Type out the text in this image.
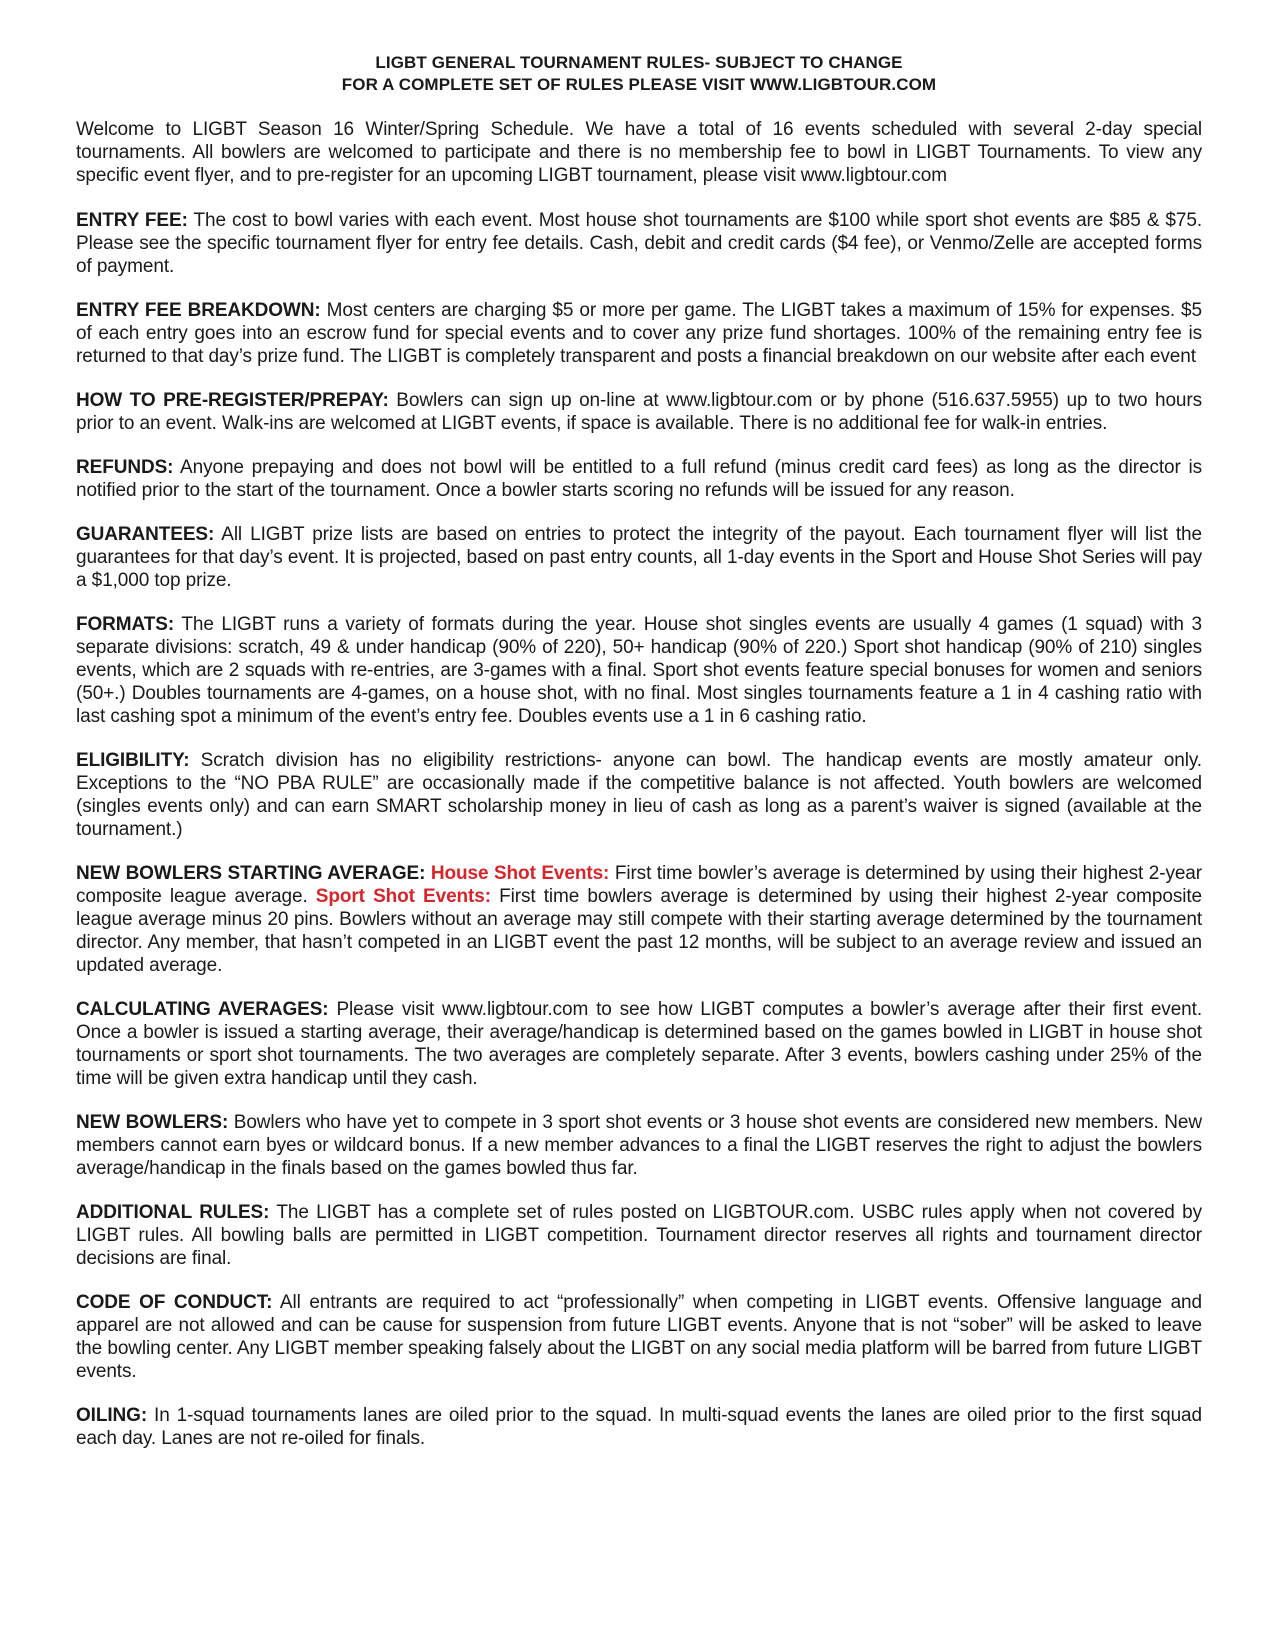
LIGBT GENERAL TOURNAMENT RULES- SUBJECT TO CHANGE
FOR A COMPLETE SET OF RULES PLEASE VISIT WWW.LIGBTOUR.COM

Welcome to LIGBT Season 16 Winter/Spring Schedule. We have a total of 16 events scheduled with several 2-day special tournaments. All bowlers are welcomed to participate and there is no membership fee to bowl in LIGBT Tournaments. To view any specific event flyer, and to pre-register for an upcoming LIGBT tournament, please visit www.ligbtour.com

ENTRY FEE: The cost to bowl varies with each event. Most house shot tournaments are $100 while sport shot events are $85 & $75. Please see the specific tournament flyer for entry fee details. Cash, debit and credit cards ($4 fee), or Venmo/Zelle are accepted forms of payment.

ENTRY FEE BREAKDOWN: Most centers are charging $5 or more per game. The LIGBT takes a maximum of 15% for expenses. $5 of each entry goes into an escrow fund for special events and to cover any prize fund shortages. 100% of the remaining entry fee is returned to that day’s prize fund. The LIGBT is completely transparent and posts a financial breakdown on our website after each event

HOW TO PRE-REGISTER/PREPAY: Bowlers can sign up on-line at www.ligbtour.com or by phone (516.637.5955) up to two hours prior to an event. Walk-ins are welcomed at LIGBT events, if space is available. There is no additional fee for walk-in entries.

REFUNDS: Anyone prepaying and does not bowl will be entitled to a full refund (minus credit card fees) as long as the director is notified prior to the start of the tournament. Once a bowler starts scoring no refunds will be issued for any reason.

GUARANTEES: All LIGBT prize lists are based on entries to protect the integrity of the payout. Each tournament flyer will list the guarantees for that day’s event. It is projected, based on past entry counts, all 1-day events in the Sport and House Shot Series will pay a $1,000 top prize.

FORMATS: The LIGBT runs a variety of formats during the year. House shot singles events are usually 4 games (1 squad) with 3 separate divisions: scratch, 49 & under handicap (90% of 220), 50+ handicap (90% of 220.) Sport shot handicap (90% of 210) singles events, which are 2 squads with re-entries, are 3-games with a final. Sport shot events feature special bonuses for women and seniors (50+.) Doubles tournaments are 4-games, on a house shot, with no final. Most singles tournaments feature a 1 in 4 cashing ratio with last cashing spot a minimum of the event’s entry fee. Doubles events use a 1 in 6 cashing ratio.

ELIGIBILITY: Scratch division has no eligibility restrictions- anyone can bowl. The handicap events are mostly amateur only. Exceptions to the “NO PBA RULE” are occasionally made if the competitive balance is not affected. Youth bowlers are welcomed (singles events only) and can earn SMART scholarship money in lieu of cash as long as a parent’s waiver is signed (available at the tournament.)

NEW BOWLERS STARTING AVERAGE: House Shot Events: First time bowler’s average is determined by using their highest 2-year composite league average. Sport Shot Events: First time bowlers average is determined by using their highest 2-year composite league average minus 20 pins. Bowlers without an average may still compete with their starting average determined by the tournament director. Any member, that hasn’t competed in an LIGBT event the past 12 months, will be subject to an average review and issued an updated average.

CALCULATING AVERAGES: Please visit www.ligbtour.com to see how LIGBT computes a bowler’s average after their first event. Once a bowler is issued a starting average, their average/handicap is determined based on the games bowled in LIGBT in house shot tournaments or sport shot tournaments. The two averages are completely separate. After 3 events, bowlers cashing under 25% of the time will be given extra handicap until they cash.

NEW BOWLERS: Bowlers who have yet to compete in 3 sport shot events or 3 house shot events are considered new members. New members cannot earn byes or wildcard bonus. If a new member advances to a final the LIGBT reserves the right to adjust the bowlers average/handicap in the finals based on the games bowled thus far.

ADDITIONAL RULES: The LIGBT has a complete set of rules posted on LIGBTOUR.com. USBC rules apply when not covered by LIGBT rules. All bowling balls are permitted in LIGBT competition. Tournament director reserves all rights and tournament director decisions are final.

CODE OF CONDUCT: All entrants are required to act “professionally” when competing in LIGBT events. Offensive language and apparel are not allowed and can be cause for suspension from future LIGBT events. Anyone that is not “sober” will be asked to leave the bowling center. Any LIGBT member speaking falsely about the LIGBT on any social media platform will be barred from future LIGBT events.

OILING: In 1-squad tournaments lanes are oiled prior to the squad. In multi-squad events the lanes are oiled prior to the first squad each day. Lanes are not re-oiled for finals.
